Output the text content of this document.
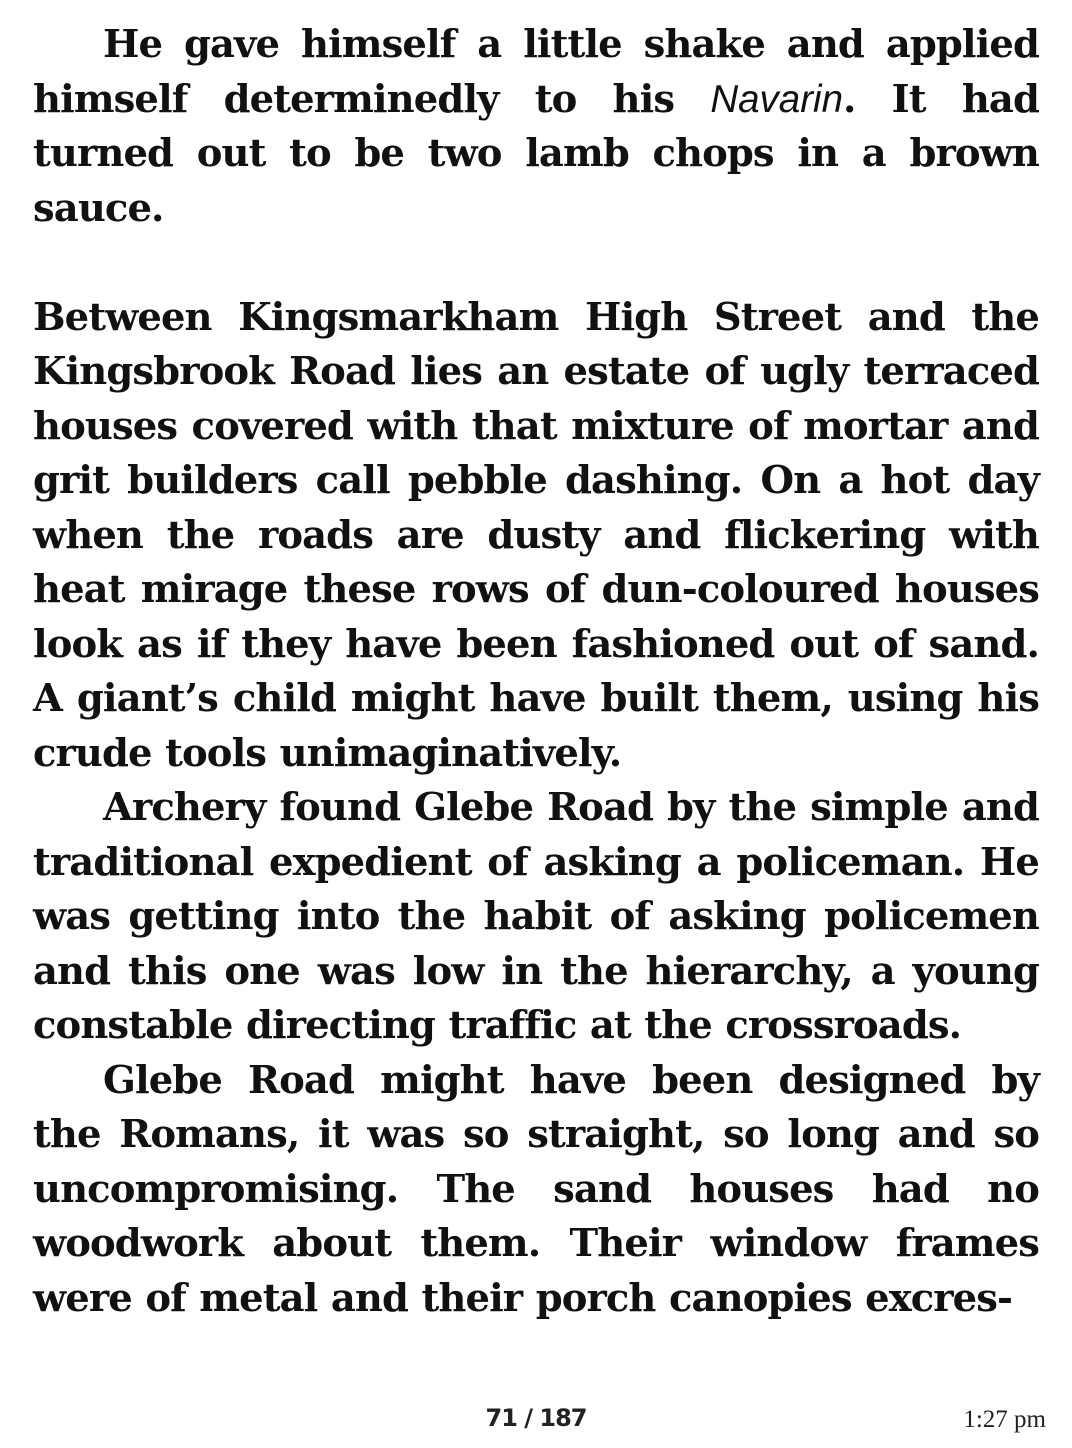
He gave himself a little shake and applied himself determinedly to his Navarin. It had turned out to be two lamb chops in a brown sauce.

Between Kingsmarkham High Street and the Kingsbrook Road lies an estate of ugly terraced houses covered with that mixture of mortar and grit builders call pebble dashing. On a hot day when the roads are dusty and flickering with heat mirage these rows of dun-coloured houses look as if they have been fashioned out of sand. A giant’s child might have built them, using his crude tools unimaginatively.

Archery found Glebe Road by the simple and traditional expedient of asking a policeman. He was getting into the habit of asking policemen and this one was low in the hierarchy, a young constable directing traffic at the crossroads.

Glebe Road might have been designed by the Romans, it was so straight, so long and so uncompromising. The sand houses had no woodwork about them. Their window frames were of metal and their porch canopies excres-

71 / 187	1:27 pm
